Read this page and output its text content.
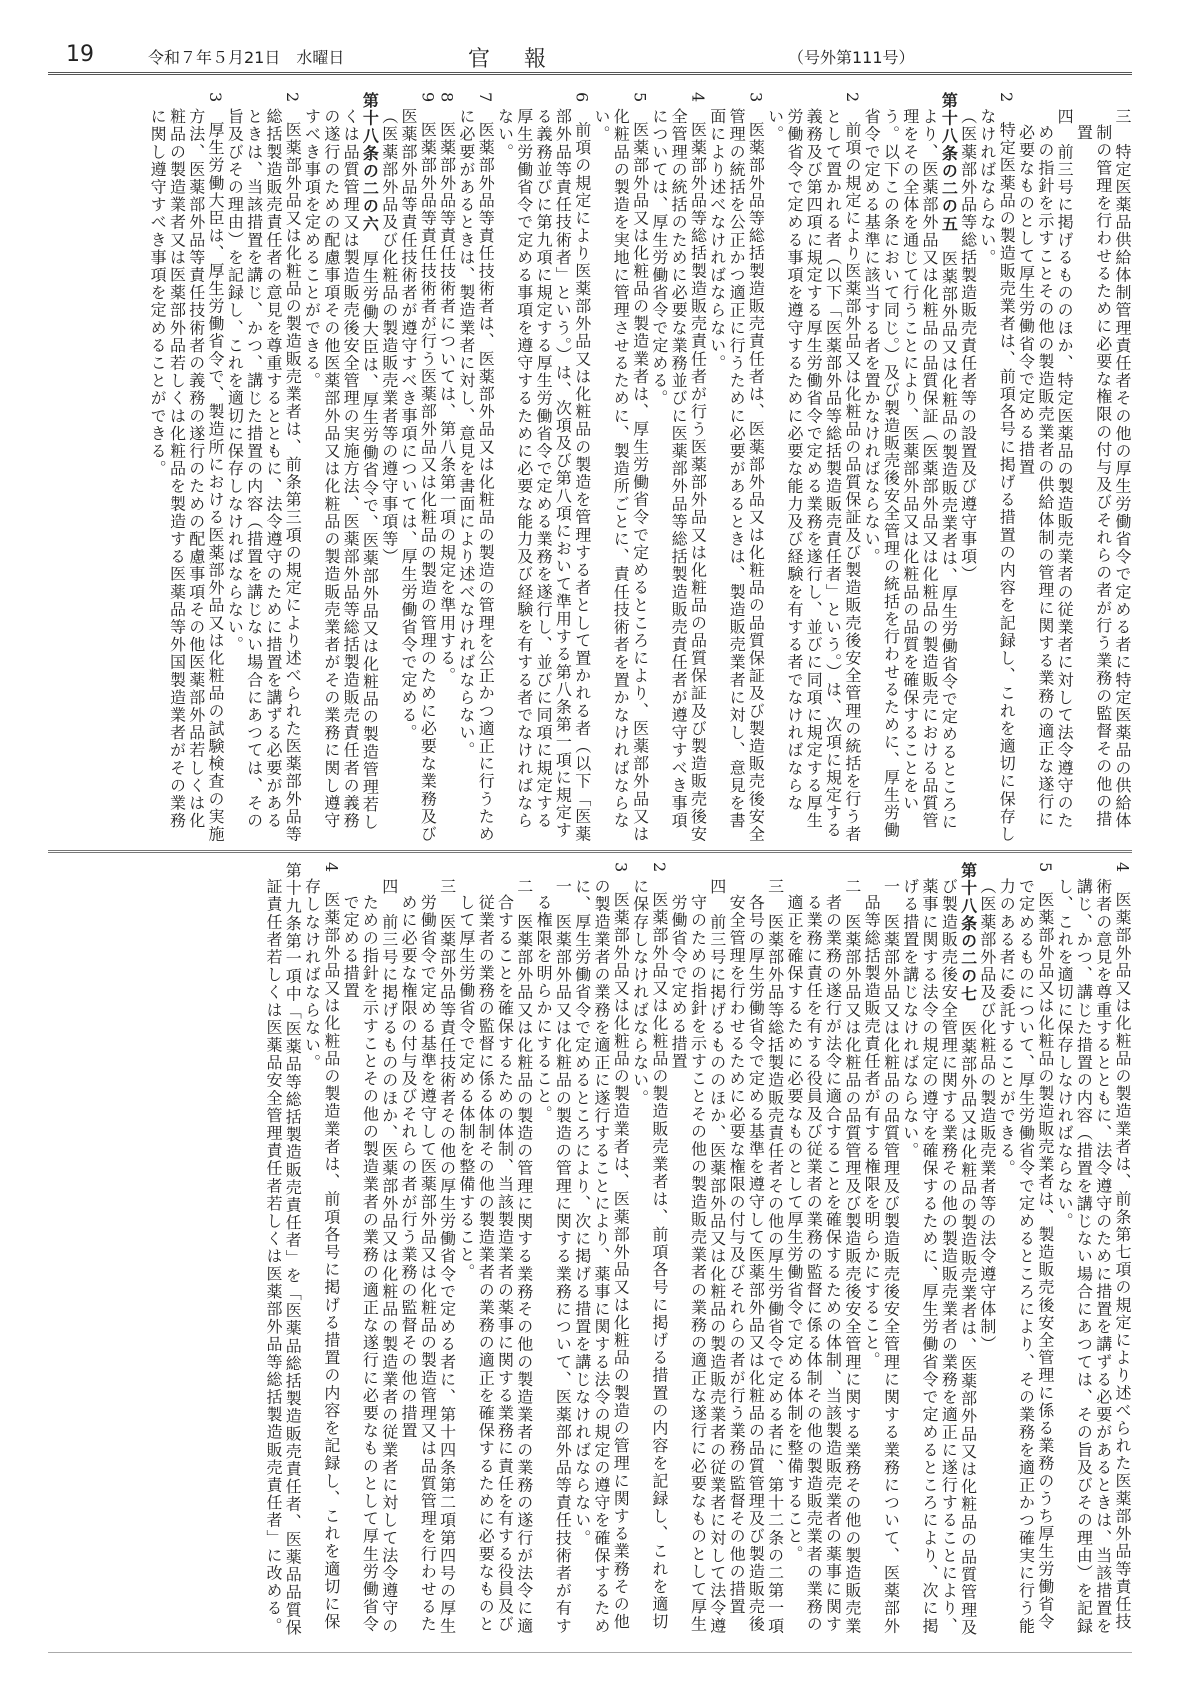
19	令和７年５月21日　水曜日	官報	（号外第111号）

三　特定医薬品供給体制管理責任者その他の厚生労働省令で定める者に特定医薬品の供給体制の管理を行わせるために必要な権限の付与及びそれらの者が行う業務の監督その他の措置

四　前三号に掲げるもののほか、特定医薬品の製造販売業者の従業者に対して法令遵守のための指針を示すことその他の製造販売業者の供給体制の管理に関する業務の適正な遂行に必要なものとして厚生労働省令で定める措置

2　特定医薬品の製造販売業者は、前項各号に掲げる措置の内容を記録し、これを適切に保存しなければならない。

（医薬部外品等総括製造販売責任者等の設置及び遵守事項）

第十八条の二の五　医薬部外品又は化粧品の製造販売業者は、厚生労働省令で定めるところにより、医薬部外品又は化粧品の品質保証（医薬部外品又は化粧品の製造販売における品質管理をその全体を通じて行うことにより、医薬部外品又は化粧品の品質を確保することをいう。以下この条において同じ。）及び製造販売後安全管理の統括を行わせるために、厚生労働省令で定める基準に該当する者を置かなければならない。

2　前項の規定により医薬部外品又は化粧品の品質保証及び製造販売後安全管理の統括を行う者として置かれる者（以下「医薬部外品等総括製造販売責任者」という。）は、次項に規定する義務及び第四項に規定する厚生労働省令で定める業務を遂行し、並びに同項に規定する厚生労働省令で定める事項を遵守するために必要な能力及び経験を有する者でなければならない。

3　医薬部外品等総括製造販売責任者は、医薬部外品又は化粧品の品質保証及び製造販売後安全管理の統括を公正かつ適正に行うために必要があるときは、製造販売業者に対し、意見を書面により述べなければならない。

4　医薬部外品等総括製造販売責任者が行う医薬部外品又は化粧品の品質保証及び製造販売後安全管理の統括のために必要な業務並びに医薬部外品等総括製造販売責任者が遵守すべき事項については、厚生労働省令で定める。

5　医薬部外品又は化粧品の製造業者は、厚生労働省令で定めるところにより、医薬部外品又は化粧品の製造を実地に管理させるために、製造所ごとに、責任技術者を置かなければならない。

6　前項の規定により医薬部外品又は化粧品の製造を管理する者として置かれる者（以下「医薬部外品等責任技術者」という。）は、次項及び第八項において準用する第八条第一項に規定する義務並びに第九項に規定する厚生労働省令で定める業務を遂行し、並びに同項に規定する厚生労働省令で定める事項を遵守するために必要な能力及び経験を有する者でなければならない。

7　医薬部外品等責任技術者は、医薬部外品又は化粧品の製造の管理を公正かつ適正に行うために必要があるときは、製造業者に対し、意見を書面により述べなければならない。

8　医薬部外品等責任技術者については、第八条第一項の規定を準用する。

9　医薬部外品等責任技術者が行う医薬部外品又は化粧品の製造の管理のために必要な業務及び医薬部外品等責任技術者が遵守すべき事項については、厚生労働省令で定める。

（医薬部外品及び化粧品の製造販売業者等の遵守事項等）

第十八条の二の六　厚生労働大臣は、厚生労働省令で、医薬部外品又は化粧品の製造管理若しくは品質管理又は製造販売後安全管理の実施方法、医薬部外品等総括製造販売責任者の義務の遂行のための配慮事項その他医薬部外品又は化粧品の製造販売業者がその業務に関し遵守すべき事項を定めることができる。

2　医薬部外品又は化粧品の製造販売業者は、前条第三項の規定により述べられた医薬部外品等総括製造販売責任者の意見を尊重するとともに、法令遵守のために措置を講ずる必要があるときは、当該措置を講じ、かつ、講じた措置の内容（措置を講じない場合にあつては、その旨及びその理由）を記録し、これを適切に保存しなければならない。

3　厚生労働大臣は、厚生労働省令で、製造所における医薬部外品又は化粧品の試験検査の実施方法、医薬部外品等責任技術者の義務の遂行のための配慮事項その他医薬部外品若しくは化粧品の製造業者又は医薬部外品若しくは化粧品を製造する医薬品等外国製造業者がその業務に関し遵守すべき事項を定めることができる。

4　医薬部外品又は化粧品の製造業者は、前条第七項の規定により述べられた医薬部外品等責任技術者の意見を尊重するとともに、法令遵守のために措置を講ずる必要があるときは、当該措置を講じ、かつ、講じた措置の内容（措置を講じない場合にあつては、その旨及びその理由）を記録し、これを適切に保存しなければならない。

5　医薬部外品又は化粧品の製造販売業者は、製造販売後安全管理に係る業務のうち厚生労働省令で定めるものについて、厚生労働省令で定めるところにより、その業務を適正かつ確実に行う能力のある者に委託することができる。

（医薬部外品及び化粧品の製造販売業者等の法令遵守体制）

第十八条の二の七　医薬部外品又は化粧品の製造販売業者は、医薬部外品又は化粧品の品質管理及び製造販売後安全管理に関する業務その他の製造販売業者の業務を適正に遂行することにより、薬事に関する法令の規定の遵守を確保するために、厚生労働省令で定めるところにより、次に掲げる措置を講じなければならない。

一　医薬部外品又は化粧品の品質管理及び製造販売後安全管理に関する業務について、医薬部外品等総括製造販売責任者が有する権限を明らかにすること。

二　医薬部外品又は化粧品の品質管理及び製造販売後安全管理に関する業務その他の製造販売業者の業務の遂行が法令に適合することを確保するための体制、当該製造販売業者の薬事に関する業務に責任を有する役員及び従業者の業務の監督に係る体制その他の製造販売業者の業務の適正を確保するために必要なものとして厚生労働省令で定める体制を整備すること。

三　医薬部外品等総括製造販売責任者その他の厚生労働省令で定める者に、第十二条の二第一項各号の厚生労働省令で定める基準を遵守して医薬部外品又は化粧品の品質管理及び製造販売後安全管理を行わせるために必要な権限の付与及びそれらの者が行う業務の監督その他の措置

四　前三号に掲げるもののほか、医薬部外品又は化粧品の製造販売業者の従業者に対して法令遵守のための指針を示すことその他の製造販売業者の業務の適正な遂行に必要なものとして厚生労働省令で定める措置

2　医薬部外品又は化粧品の製造販売業者は、前項各号に掲げる措置の内容を記録し、これを適切に保存しなければならない。

3　医薬部外品又は化粧品の製造業者は、医薬部外品又は化粧品の製造の管理に関する業務その他の製造業者の業務を適正に遂行することにより、薬事に関する法令の規定の遵守を確保するために、厚生労働省令で定めるところにより、次に掲げる措置を講じなければならない。

一　医薬部外品又は化粧品の製造の管理に関する業務について、医薬部外品等責任技術者が有する権限を明らかにすること。

二　医薬部外品又は化粧品の製造の管理に関する業務その他の製造業者の業務の遂行が法令に適合することを確保するための体制、当該製造業者の薬事に関する業務に責任を有する役員及び従業者の業務の監督に係る体制その他の製造業者の業務の適正を確保するために必要なものとして厚生労働省令で定める体制を整備すること。

三　医薬部外品等責任技術者その他の厚生労働省令で定める者に、第十四条第二項第四号の厚生労働省令で定める基準を遵守して医薬部外品又は化粧品の製造管理又は品質管理を行わせるために必要な権限の付与及びそれらの者が行う業務の監督その他の措置

四　前三号に掲げるもののほか、医薬部外品又は化粧品の製造業者の従業者に対して法令遵守のための指針を示すことその他の製造業者の業務の適正な遂行に必要なものとして厚生労働省令で定める措置

4　医薬部外品又は化粧品の製造業者は、前項各号に掲げる措置の内容を記録し、これを適切に保存しなければならない。

第十九条第一項中「医薬品等総括製造販売責任者」を「医薬品総括製造販売責任者、医薬品品質保証責任者若しくは医薬品安全管理責任者若しくは医薬部外品等総括製造販売責任者」に改める。
